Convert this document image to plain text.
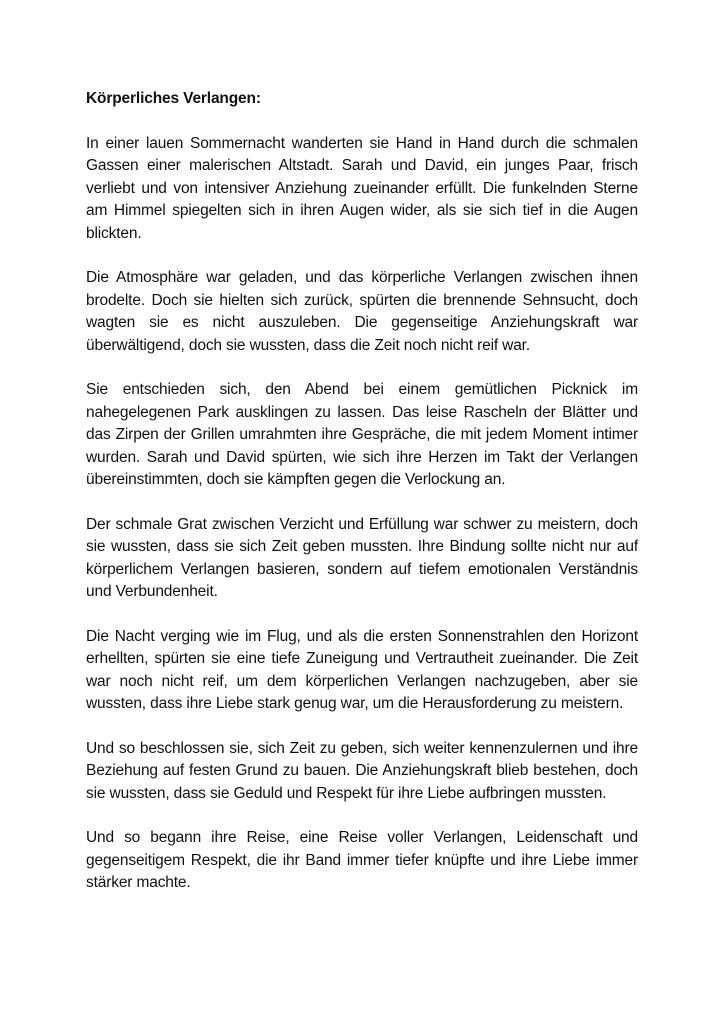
Körperliches Verlangen:

In einer lauen Sommernacht wanderten sie Hand in Hand durch die schmalen Gassen einer malerischen Altstadt. Sarah und David, ein junges Paar, frisch verliebt und von intensiver Anziehung zueinander erfüllt. Die funkelnden Sterne am Himmel spiegelten sich in ihren Augen wider, als sie sich tief in die Augen blickten.

Die Atmosphäre war geladen, und das körperliche Verlangen zwischen ihnen brodelte. Doch sie hielten sich zurück, spürten die brennende Sehnsucht, doch wagten sie es nicht auszuleben. Die gegenseitige Anziehungskraft war überwältigend, doch sie wussten, dass die Zeit noch nicht reif war.

Sie entschieden sich, den Abend bei einem gemütlichen Picknick im nahegelegenen Park ausklingen zu lassen. Das leise Rascheln der Blätter und das Zirpen der Grillen umrahmten ihre Gespräche, die mit jedem Moment intimer wurden. Sarah und David spürten, wie sich ihre Herzen im Takt der Verlangen übereinstimmten, doch sie kämpften gegen die Verlockung an.

Der schmale Grat zwischen Verzicht und Erfüllung war schwer zu meistern, doch sie wussten, dass sie sich Zeit geben mussten. Ihre Bindung sollte nicht nur auf körperlichem Verlangen basieren, sondern auf tiefem emotionalen Verständnis und Verbundenheit.

Die Nacht verging wie im Flug, und als die ersten Sonnenstrahlen den Horizont erhellten, spürten sie eine tiefe Zuneigung und Vertrautheit zueinander. Die Zeit war noch nicht reif, um dem körperlichen Verlangen nachzugeben, aber sie wussten, dass ihre Liebe stark genug war, um die Herausforderung zu meistern.

Und so beschlossen sie, sich Zeit zu geben, sich weiter kennenzulernen und ihre Beziehung auf festen Grund zu bauen. Die Anziehungskraft blieb bestehen, doch sie wussten, dass sie Geduld und Respekt für ihre Liebe aufbringen mussten.

Und so begann ihre Reise, eine Reise voller Verlangen, Leidenschaft und gegenseitigem Respekt, die ihr Band immer tiefer knüpfte und ihre Liebe immer stärker machte.
